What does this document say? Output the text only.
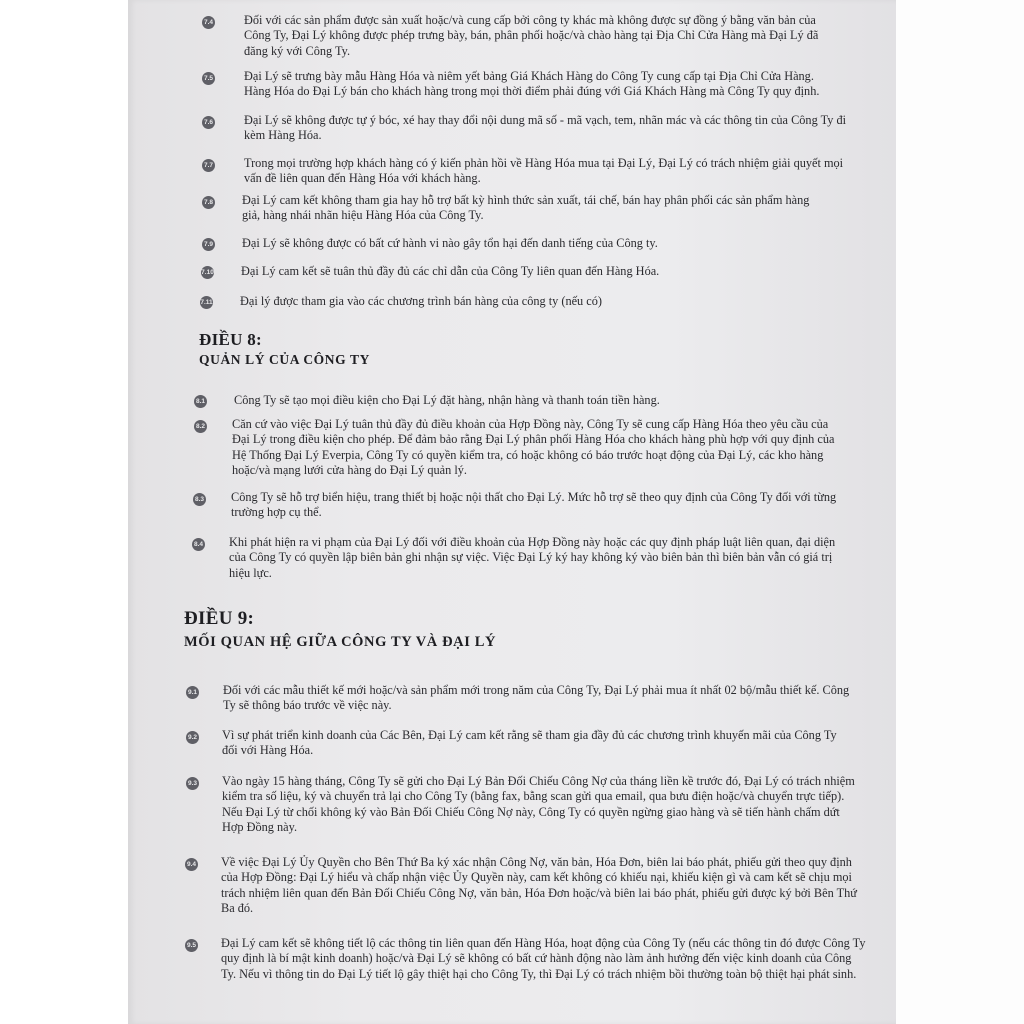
7.4	Đối với các sản phẩm được sản xuất hoặc/và cung cấp bởi công ty khác mà không được sự đồng ý bằng văn bản của Công Ty, Đại Lý không được phép trưng bày, bán, phân phối hoặc/và chào hàng tại Địa Chỉ Cửa Hàng mà Đại Lý đã đăng ký với Công Ty.
7.5	Đại Lý sẽ trưng bày mẫu Hàng Hóa và niêm yết bảng Giá Khách Hàng do Công Ty cung cấp tại Địa Chỉ Cửa Hàng. Hàng Hóa do Đại Lý bán cho khách hàng trong mọi thời điểm phải đúng với Giá Khách Hàng mà Công Ty quy định.
7.6	Đại Lý sẽ không được tự ý bóc, xé hay thay đổi nội dung mã số - mã vạch, tem, nhãn mác và các thông tin của Công Ty đi kèm Hàng Hóa.
7.7	Trong mọi trường hợp khách hàng có ý kiến phản hồi về Hàng Hóa mua tại Đại Lý, Đại Lý có trách nhiệm giải quyết mọi vấn đề liên quan đến Hàng Hóa với khách hàng.
7.8 Đại Lý cam kết không tham gia hay hỗ trợ bất kỳ hình thức sản xuất, tái chế, bán hay phân phối các sản phẩm hàng giả, hàng nhái nhãn hiệu Hàng Hóa của Công Ty.
7.9 Đại Lý sẽ không được có bất cứ hành vi nào gây tổn hại đến danh tiếng của Công ty.
7.10 Đại Lý cam kết sẽ tuân thủ đầy đủ các chỉ dẫn của Công Ty liên quan đến Hàng Hóa.
7.11 Đại lý được tham gia vào các chương trình bán hàng của công ty (nếu có)
ĐIỀU 8:
QUẢN LÝ CỦA CÔNG TY
8.1 Công Ty sẽ tạo mọi điều kiện cho Đại Lý đặt hàng, nhận hàng và thanh toán tiền hàng.
8.2 Căn cứ vào việc Đại Lý tuân thủ đầy đủ điều khoản của Hợp Đồng này, Công Ty sẽ cung cấp Hàng Hóa theo yêu cầu của Đại Lý trong điều kiện cho phép. Để đảm bảo rằng Đại Lý phân phối Hàng Hóa cho khách hàng phù hợp với quy định của Hệ Thống Đại Lý Everpia, Công Ty có quyền kiểm tra, có hoặc không có báo trước hoạt động của Đại Lý, các kho hàng hoặc/và mạng lưới cửa hàng do Đại Lý quản lý.
8.3 Công Ty sẽ hỗ trợ biển hiệu, trang thiết bị hoặc nội thất cho Đại Lý. Mức hỗ trợ sẽ theo quy định của Công Ty đối với từng trường hợp cụ thể.
8.4 Khi phát hiện ra vi phạm của Đại Lý đối với điều khoản của Hợp Đồng này hoặc các quy định pháp luật liên quan, đại diện của Công Ty có quyền lập biên bản ghi nhận sự việc. Việc Đại Lý ký hay không ký vào biên bản thì biên bản vẫn có giá trị hiệu lực.
ĐIỀU 9:
MỐI QUAN HỆ GIỮA CÔNG TY VÀ ĐẠI LÝ
9.1 Đối với các mẫu thiết kế mới hoặc/và sản phẩm mới trong năm của Công Ty, Đại Lý phải mua ít nhất 02 bộ/mẫu thiết kế. Công Ty sẽ thông báo trước về việc này.
9.2 Vì sự phát triển kinh doanh của Các Bên, Đại Lý cam kết rằng sẽ tham gia đầy đủ các chương trình khuyến mãi của Công Ty đối với Hàng Hóa.
9.3 Vào ngày 15 hàng tháng, Công Ty sẽ gửi cho Đại Lý Bản Đối Chiếu Công Nợ của tháng liền kề trước đó, Đại Lý có trách nhiệm kiểm tra số liệu, ký và chuyển trả lại cho Công Ty (bằng fax, bằng scan gửi qua email, qua bưu điện hoặc/và chuyển trực tiếp). Nếu Đại Lý từ chối không ký vào Bản Đối Chiếu Công Nợ này, Công Ty có quyền ngừng giao hàng và sẽ tiến hành chấm dứt Hợp Đồng này.
9.4 Về việc Đại Lý Ủy Quyền cho Bên Thứ Ba ký xác nhận Công Nợ, văn bản, Hóa Đơn, biên lai báo phát, phiếu gửi theo quy định của Hợp Đồng: Đại Lý hiểu và chấp nhận việc Ủy Quyền này, cam kết không có khiếu nại, khiếu kiện gì và cam kết sẽ chịu mọi trách nhiệm liên quan đến Bản Đối Chiếu Công Nợ, văn bản, Hóa Đơn hoặc/và biên lai báo phát, phiếu gửi được ký bởi Bên Thứ Ba đó.
9.5 Đại Lý cam kết sẽ không tiết lộ các thông tin liên quan đến Hàng Hóa, hoạt động của Công Ty (nếu các thông tin đó được Công Ty quy định là bí mật kinh doanh) hoặc/và Đại Lý sẽ không có bất cứ hành động nào làm ảnh hưởng đến việc kinh doanh của Công Ty. Nếu vì thông tin do Đại Lý tiết lộ gây thiệt hại cho Công Ty, thì Đại Lý có trách nhiệm bồi thường toàn bộ thiệt hại phát sinh.
